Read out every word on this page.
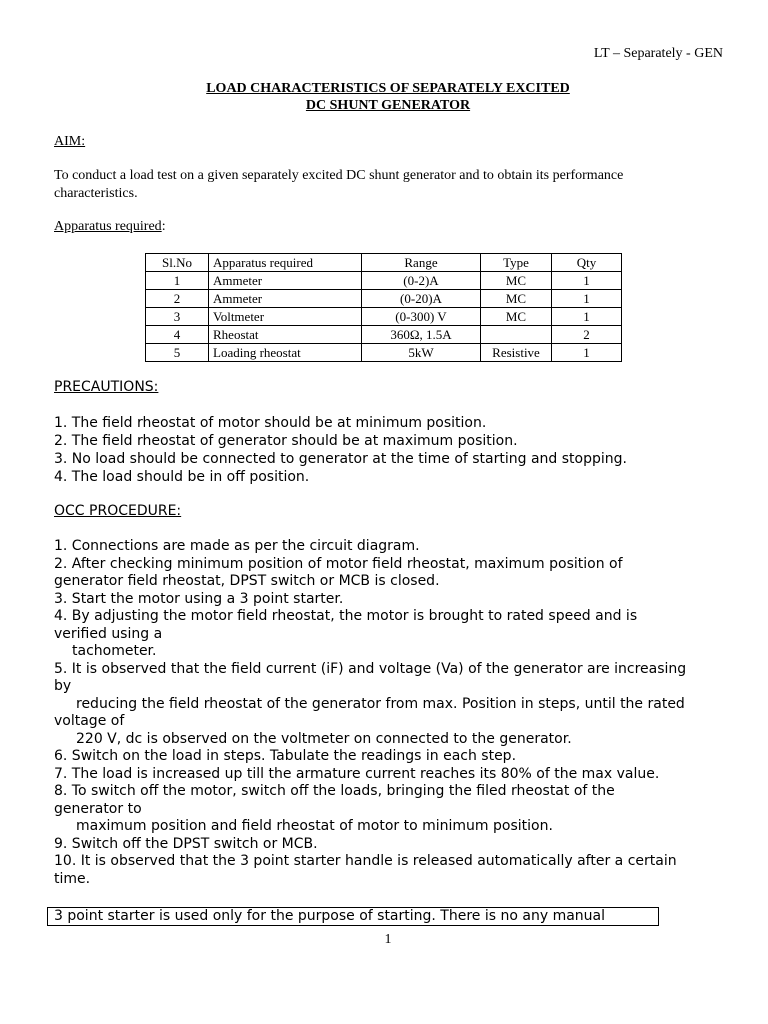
LT – Separately - GEN
LOAD CHARACTERISTICS OF SEPARATELY EXCITED
DC SHUNT GENERATOR
AIM:
To conduct a load test on a given separately excited DC shunt generator and to obtain its performance
characteristics.
Apparatus required:
Sl.No	Apparatus required	Range	Type	Qty
1	Ammeter	(0-2)A	MC	1
2	Ammeter	(0-20)A	MC	1
3	Voltmeter	(0-300) V	MC	1
4	Rheostat	360Ω, 1.5A		2
5	Loading rheostat	5kW	Resistive	1
PRECAUTIONS:
1. The field rheostat of motor should be at minimum position.
2. The field rheostat of generator should be at maximum position.
3. No load should be connected to generator at the time of starting and stopping.
4. The load should be in off position.
OCC PROCEDURE:
1. Connections are made as per the circuit diagram.
2. After checking minimum position of motor field rheostat, maximum position of
generator field rheostat, DPST switch or MCB is closed.
3. Start the motor using a 3 point starter.
4. By adjusting the motor field rheostat, the motor is brought to rated speed and is
verified using a
tachometer.
5. It is observed that the field current (iF) and voltage (Va) of the generator are increasing
by
reducing the field rheostat of the generator from max. Position in steps, until the rated
voltage of
220 V, dc is observed on the voltmeter on connected to the generator.
6. Switch on the load in steps. Tabulate the readings in each step.
7. The load is increased up till the armature current reaches its 80% of the max value.
8. To switch off the motor, switch off the loads, bringing the filed rheostat of the
generator to
maximum position and field rheostat of motor to minimum position.
9. Switch off the DPST switch or MCB.
10. It is observed that the 3 point starter handle is released automatically after a certain
time.
3 point starter is used only for the purpose of starting. There is no any manual
1
